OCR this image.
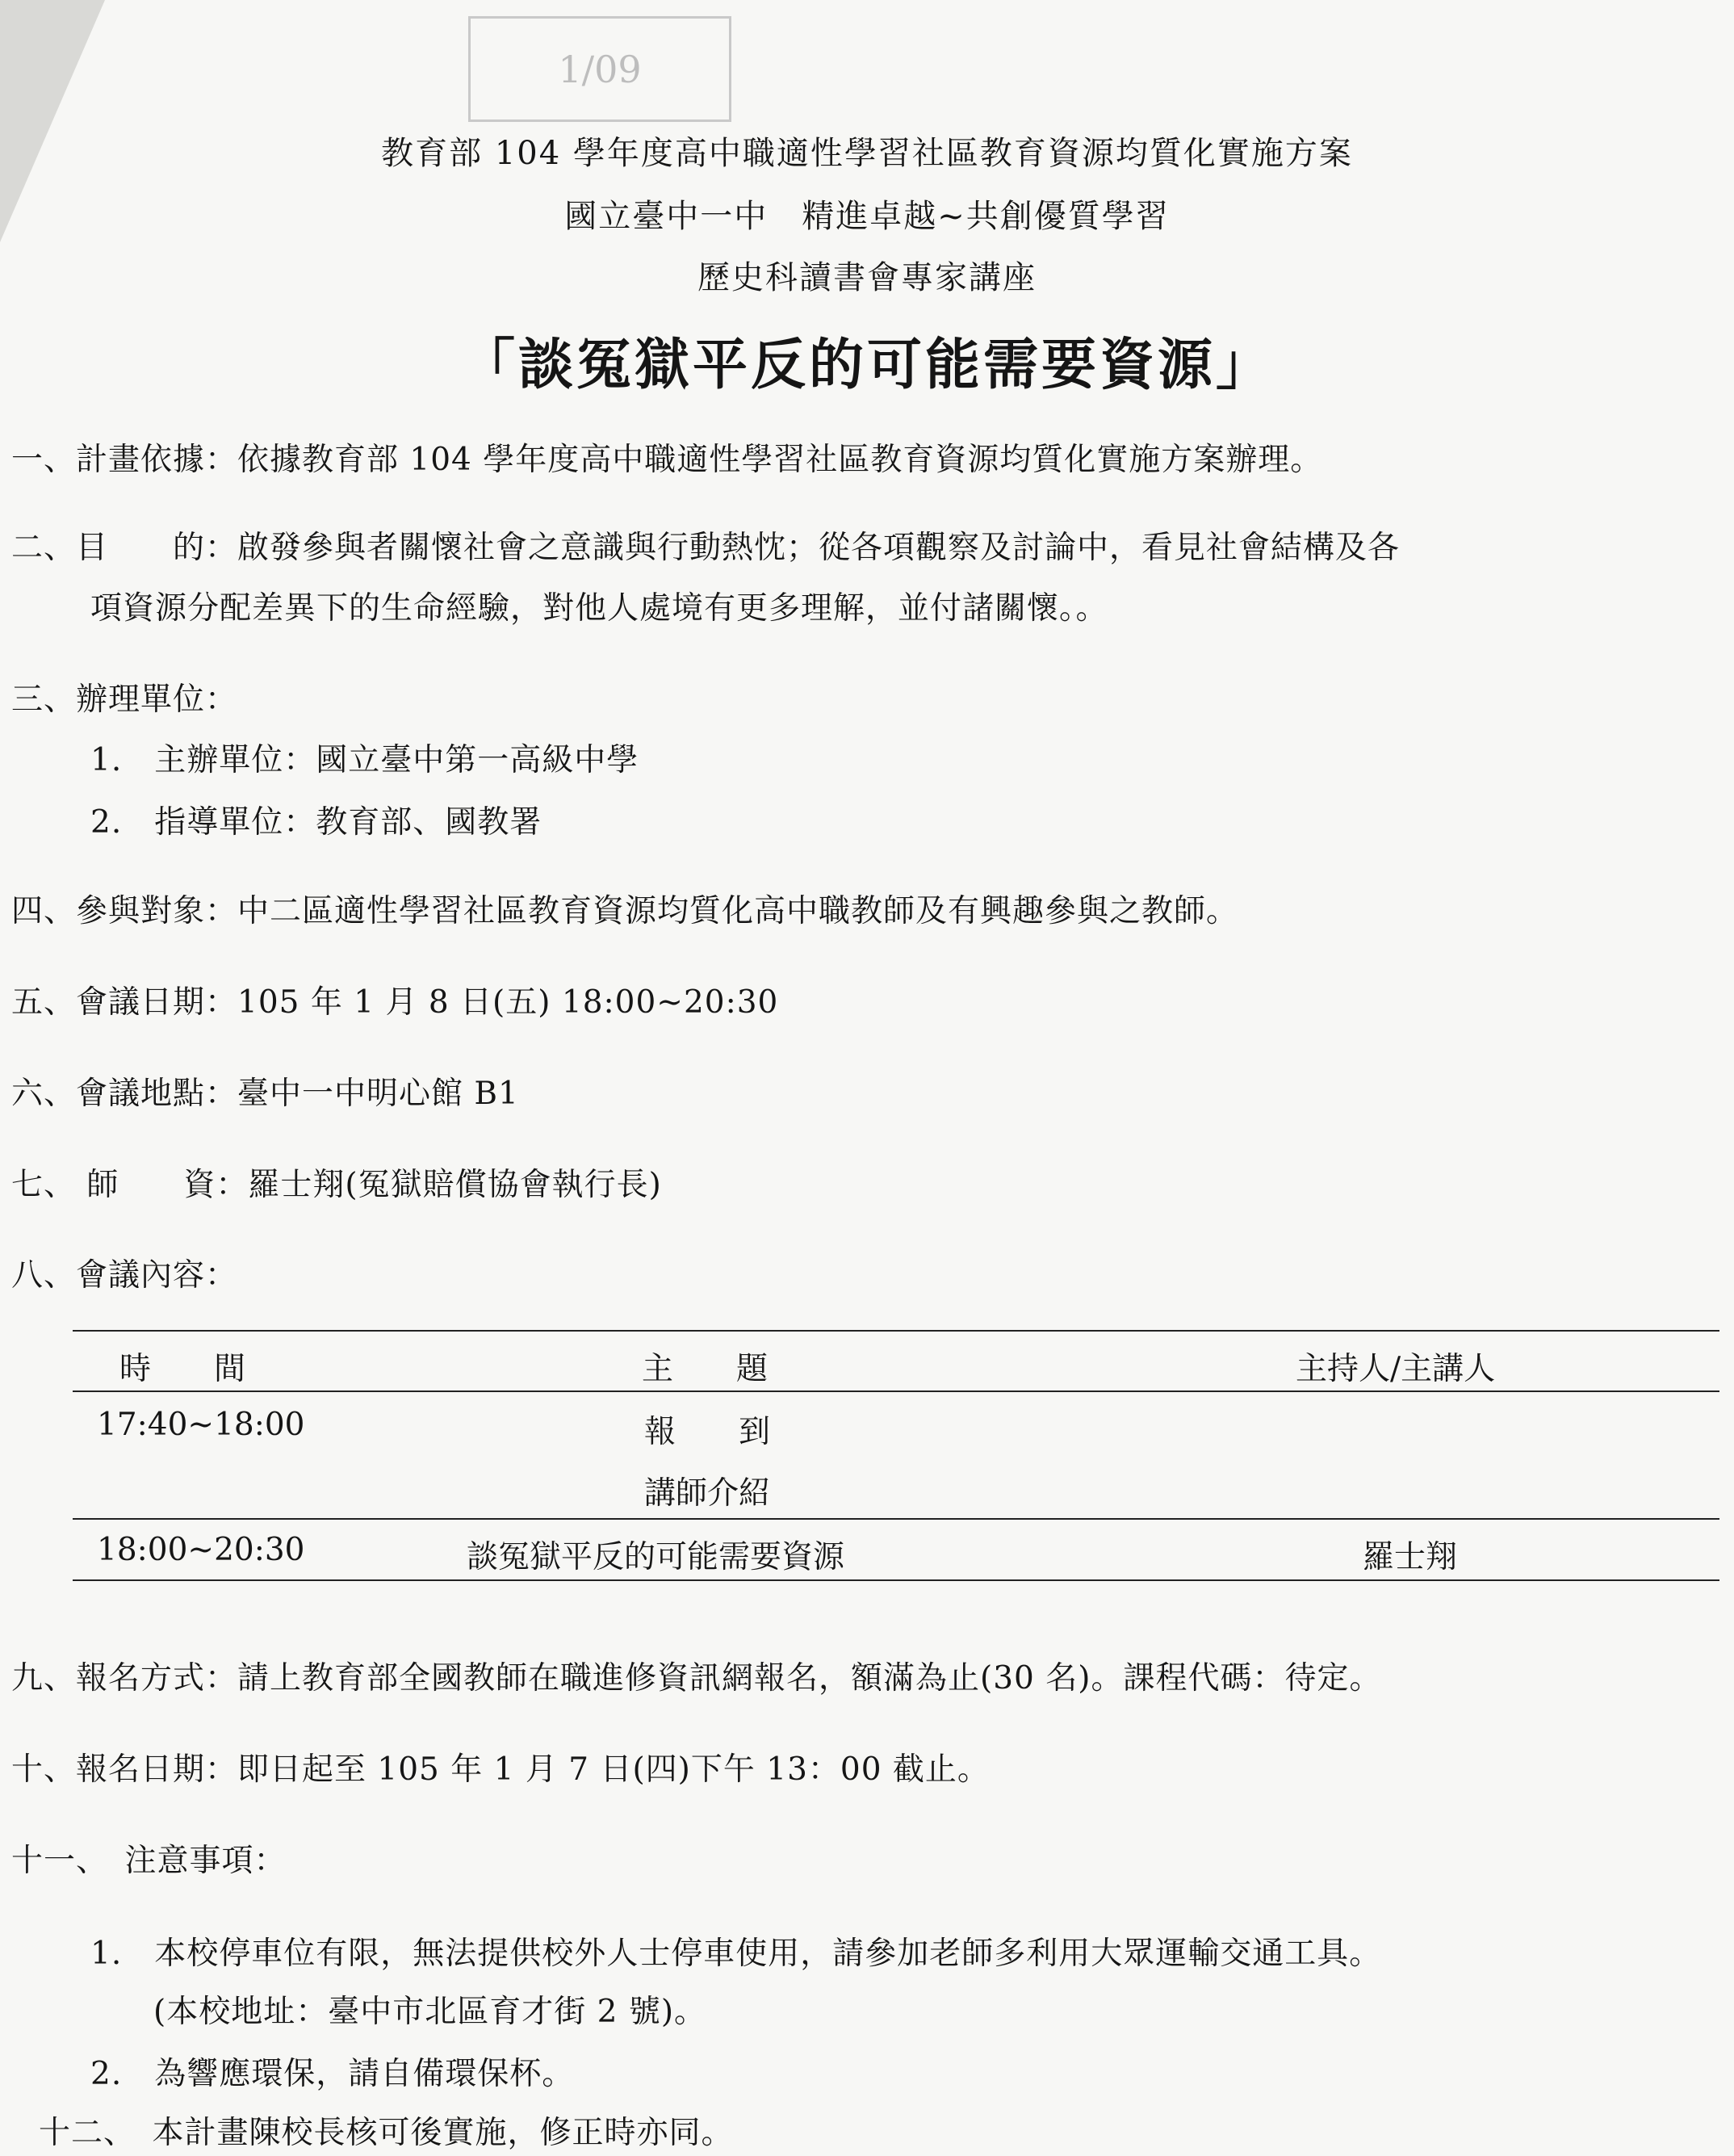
1/09
教育部 104 學年度高中職適性學習社區教育資源均質化實施方案
國立臺中一中　精進卓越~共創優質學習
歷史科讀書會專家講座
「談冤獄平反的可能需要資源」
一、計畫依據：依據教育部 104 學年度高中職適性學習社區教育資源均質化實施方案辦理。
二、目　　的：啟發參與者關懷社會之意識與行動熱忱；從各項觀察及討論中，看見社會結構及各
項資源分配差異下的生命經驗，對他人處境有更多理解，並付諸關懷。。
三、辦理單位：
1.　主辦單位：國立臺中第一高級中學
2.　指導單位：教育部、國教署
四、參與對象：中二區適性學習社區教育資源均質化高中職教師及有興趣參與之教師。
五、會議日期：105 年 1 月 8 日(五) 18:00~20:30
六、會議地點：臺中一中明心館 B1
七、 師　　資：羅士翔(冤獄賠償協會執行長)
八、會議內容：
時　　間	主　　題	主持人/主講人
17:40~18:00	報　　到
講師介紹
18:00~20:30	談冤獄平反的可能需要資源	羅士翔
九、報名方式：請上教育部全國教師在職進修資訊網報名，額滿為止(30 名)。課程代碼：待定。
十、報名日期：即日起至 105 年 1 月 7 日(四)下午 13：00 截止。
十一、　注意事項：
1.　本校停車位有限，無法提供校外人士停車使用，請參加老師多利用大眾運輸交通工具。
(本校地址：臺中市北區育才街 2 號)。
2.　為響應環保，請自備環保杯。
十二、　本計畫陳校長核可後實施，修正時亦同。
